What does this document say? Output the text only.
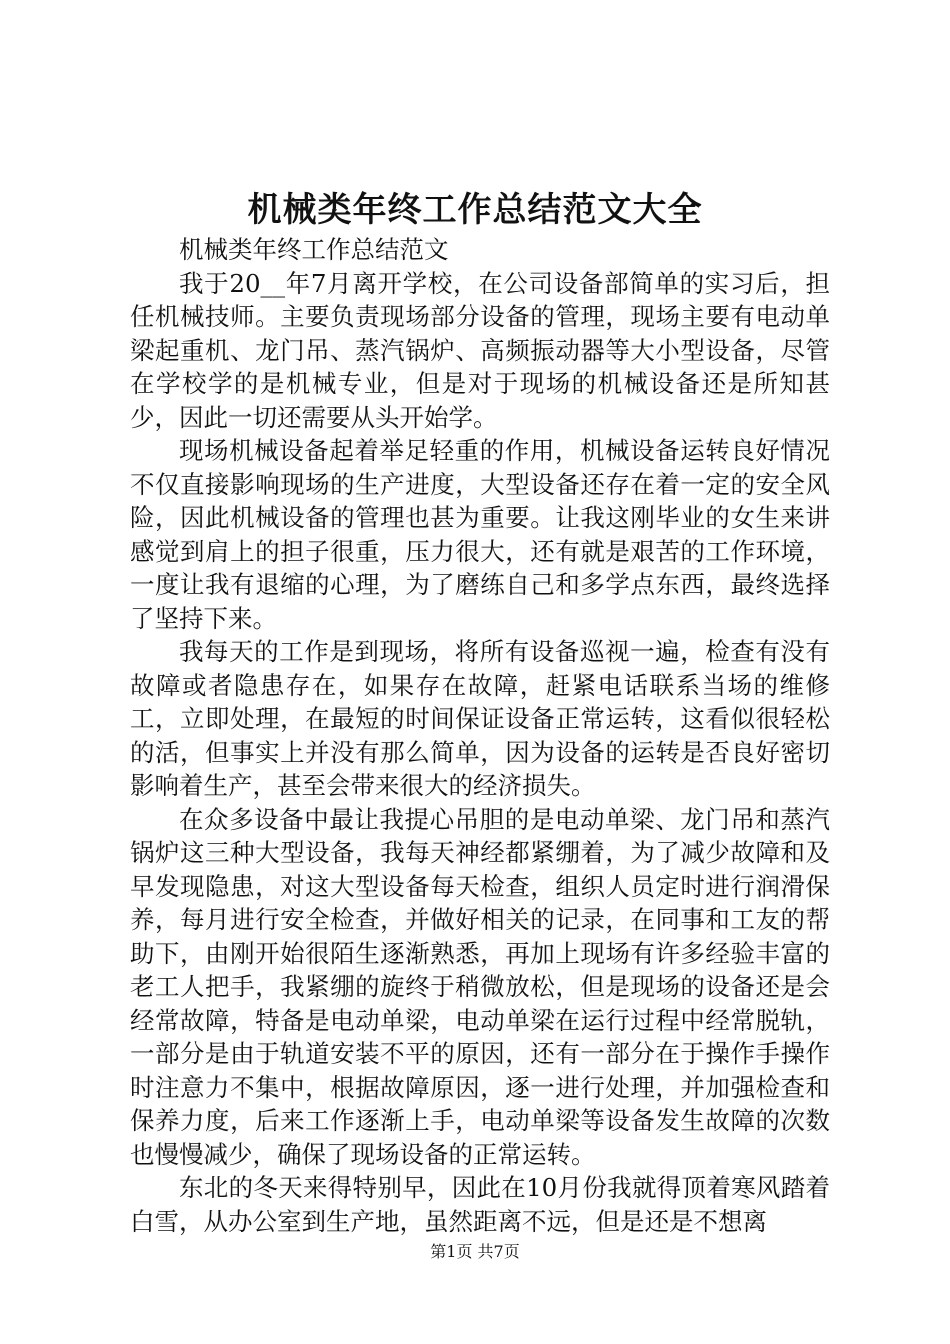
机械类年终工作总结范文大全

机械类年终工作总结范文

我于20__年7月离开学校，在公司设备部简单的实习后，担任机械技师。主要负责现场部分设备的管理，现场主要有电动单梁起重机、龙门吊、蒸汽锅炉、高频振动器等大小型设备，尽管在学校学的是机械专业，但是对于现场的机械设备还是所知甚少，因此一切还需要从头开始学。

现场机械设备起着举足轻重的作用，机械设备运转良好情况不仅直接影响现场的生产进度，大型设备还存在着一定的安全风险，因此机械设备的管理也甚为重要。让我这刚毕业的女生来讲感觉到肩上的担子很重，压力很大，还有就是艰苦的工作环境，一度让我有退缩的心理，为了磨练自己和多学点东西，最终选择了坚持下来。

我每天的工作是到现场，将所有设备巡视一遍，检查有没有故障或者隐患存在，如果存在故障，赶紧电话联系当场的维修工，立即处理，在最短的时间保证设备正常运转，这看似很轻松的活，但事实上并没有那么简单，因为设备的运转是否良好密切影响着生产，甚至会带来很大的经济损失。

在众多设备中最让我提心吊胆的是电动单梁、龙门吊和蒸汽锅炉这三种大型设备，我每天神经都紧绷着，为了减少故障和及早发现隐患，对这大型设备每天检查，组织人员定时进行润滑保养，每月进行安全检查，并做好相关的记录，在同事和工友的帮助下，由刚开始很陌生逐渐熟悉，再加上现场有许多经验丰富的老工人把手，我紧绷的旋终于稍微放松，但是现场的设备还是会经常故障，特备是电动单梁，电动单梁在运行过程中经常脱轨，一部分是由于轨道安装不平的原因，还有一部分在于操作手操作时注意力不集中，根据故障原因，逐一进行处理，并加强检查和保养力度，后来工作逐渐上手，电动单梁等设备发生故障的次数也慢慢减少，确保了现场设备的正常运转。

东北的冬天来得特别早，因此在10月份我就得顶着寒风踏着白雪，从办公室到生产地，虽然距离不远，但是还是不想离

第1页 共7页
